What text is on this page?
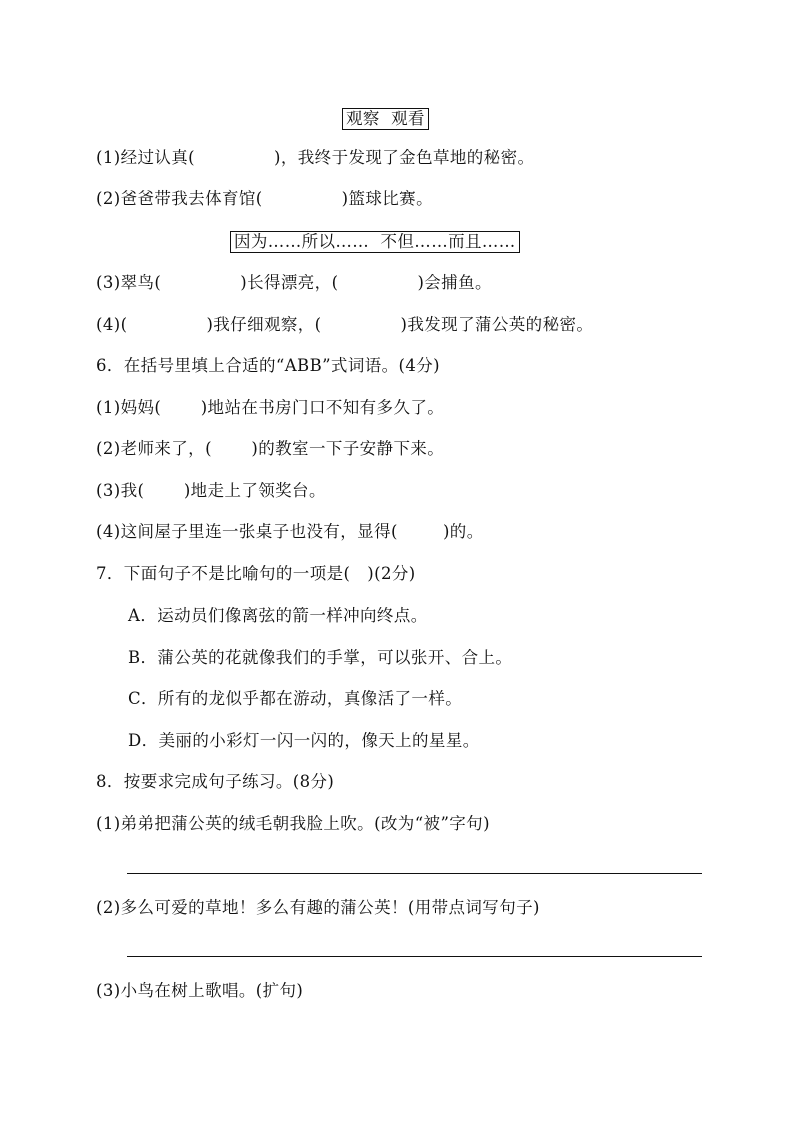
观察  观看
(1)经过认真(              )，我终于发现了金色草地的秘密。
(2)爸爸带我去体育馆(              )篮球比赛。
因为……所以……  不但……而且……
(3)翠鸟(              )长得漂亮，(              )会捕鱼。
(4)(              )我仔细观察，(              )我发现了蒲公英的秘密。
6．在括号里填上合适的“ABB”式词语。(4分)
(1)妈妈(       )地站在书房门口不知有多久了。
(2)老师来了，(       )的教室一下子安静下来。
(3)我(       )地走上了领奖台。
(4)这间屋子里连一张桌子也没有，显得(        )的。
7．下面句子不是比喻句的一项是(   )(2分)
A．运动员们像离弦的箭一样冲向终点。
B．蒲公英的花就像我们的手掌，可以张开、合上。
C．所有的龙似乎都在游动，真像活了一样。
D．美丽的小彩灯一闪一闪的，像天上的星星。
8．按要求完成句子练习。(8分)
(1)弟弟把蒲公英的绒毛朝我脸上吹。(改为“被”字句)
(2)多么可爱的草地！多么有趣的蒲公英！(用带点词写句子)
(3)小鸟在树上歌唱。(扩句)
